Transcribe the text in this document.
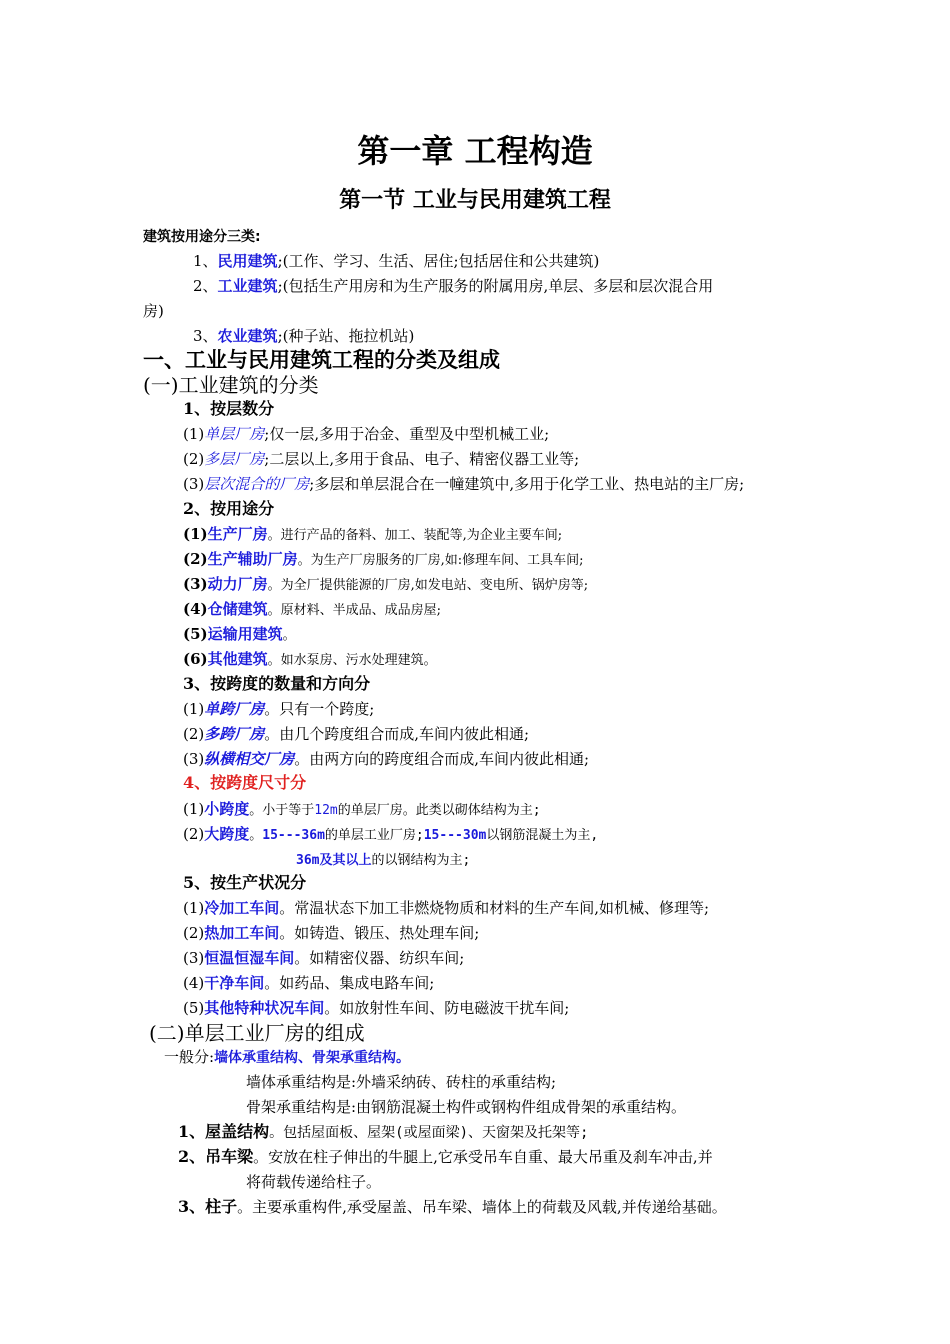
第一章 工程构造
第一节 工业与民用建筑工程
建筑按用途分三类:
1、民用建筑;(工作、学习、生活、居住;包括居住和公共建筑)
2、工业建筑;(包括生产用房和为生产服务的附属用房,单层、多层和层次混合用
房)
3、农业建筑;(种子站、拖拉机站)
一、工业与民用建筑工程的分类及组成
(一)工业建筑的分类
1、按层数分
(1)单层厂房;仅一层,多用于冶金、重型及中型机械工业;
(2)多层厂房;二层以上,多用于食品、电子、精密仪器工业等;
(3)层次混合的厂房;多层和单层混合在一幢建筑中,多用于化学工业、热电站的主厂房;
2、按用途分
(1)生产厂房。进行产品的备料、加工、装配等,为企业主要车间;
(2)生产辅助厂房。为生产厂房服务的厂房,如:修理车间、工具车间;
(3)动力厂房。为全厂提供能源的厂房,如发电站、变电所、锅炉房等;
(4)仓储建筑。原材料、半成品、成品房屋;
(5)运输用建筑。
(6)其他建筑。如水泵房、污水处理建筑。
3、按跨度的数量和方向分
(1)单跨厂房。只有一个跨度;
(2)多跨厂房。由几个跨度组合而成,车间内彼此相通;
(3)纵横相交厂房。由两方向的跨度组合而成,车间内彼此相通;
4、按跨度尺寸分
(1)小跨度。小于等于12m的单层厂房。此类以砌体结构为主;
(2)大跨度。15---36m的单层工业厂房;15---30m以钢筋混凝土为主,
36m及其以上的以钢结构为主;
5、按生产状况分
(1)冷加工车间。常温状态下加工非燃烧物质和材料的生产车间,如机械、修理等;
(2)热加工车间。如铸造、锻压、热处理车间;
(3)恒温恒湿车间。如精密仪器、纺织车间;
(4)干净车间。如药品、集成电路车间;
(5)其他特种状况车间。如放射性车间、防电磁波干扰车间;
(二)单层工业厂房的组成
一般分:墙体承重结构、骨架承重结构。
墙体承重结构是:外墙采纳砖、砖柱的承重结构;
骨架承重结构是:由钢筋混凝土构件或钢构件组成骨架的承重结构。
1、屋盖结构。包括屋面板、屋架(或屋面梁)、天窗架及托架等;
2、吊车梁。安放在柱子伸出的牛腿上,它承受吊车自重、最大吊重及刹车冲击,并
将荷载传递给柱子。
3、柱子。主要承重构件,承受屋盖、吊车梁、墙体上的荷载及风载,并传递给基础。
